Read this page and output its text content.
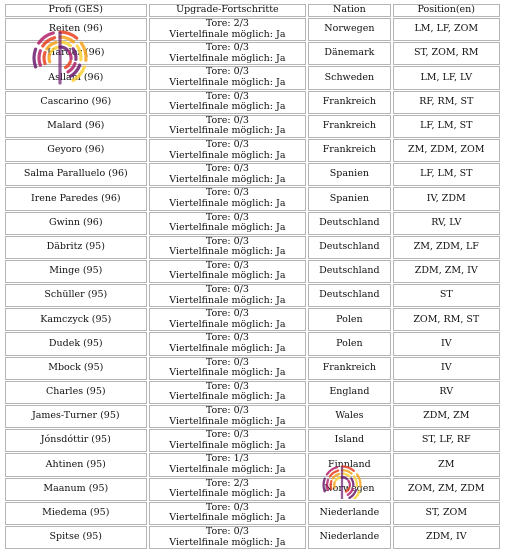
Profi (GES)	Upgrade-Fortschritte	Nation	Position(en)

Reiten (96)	Tore: 2/3
Viertelfinale möglich: Ja	Norwegen	LM, LF, ZOM

Harder (96)	Tore: 0/3
Viertelfinale möglich: Ja	Dänemark	ST, ZOM, RM

Asllani (96)	Tore: 0/3
Viertelfinale möglich: Ja	Schweden	LM, LF, LV

Cascarino (96)	Tore: 0/3
Viertelfinale möglich: Ja	Frankreich	RF, RM, ST

Malard (96)	Tore: 0/3
Viertelfinale möglich: Ja	Frankreich	LF, LM, ST

Geyoro (96)	Tore: 0/3
Viertelfinale möglich: Ja	Frankreich	ZM, ZDM, ZOM

Salma Paralluelo (96)	Tore: 0/3
Viertelfinale möglich: Ja	Spanien	LF, LM, ST

Irene Paredes (96)	Tore: 0/3
Viertelfinale möglich: Ja	Spanien	IV, ZDM

Gwinn (96)	Tore: 0/3
Viertelfinale möglich: Ja	Deutschland	RV, LV

Däbritz (95)	Tore: 0/3
Viertelfinale möglich: Ja	Deutschland	ZM, ZDM, LF

Minge (95)	Tore: 0/3
Viertelfinale möglich: Ja	Deutschland	ZDM, ZM, IV

Schüller (95)	Tore: 0/3
Viertelfinale möglich: Ja	Deutschland	ST

Kamczyck (95)	Tore: 0/3
Viertelfinale möglich: Ja	Polen	ZOM, RM, ST

Dudek (95)	Tore: 0/3
Viertelfinale möglich: Ja	Polen	IV

Mbock (95)	Tore: 0/3
Viertelfinale möglich: Ja	Frankreich	IV

Charles (95)	Tore: 0/3
Viertelfinale möglich: Ja	England	RV

James-Turner (95)	Tore: 0/3
Viertelfinale möglich: Ja	Wales	ZDM, ZM

Jónsdóttir (95)	Tore: 0/3
Viertelfinale möglich: Ja	Island	ST, LF, RF

Ahtinen (95)	Tore: 1/3
Viertelfinale möglich: Ja	Finnland	ZM

Maanum (95)	Tore: 2/3
Viertelfinale möglich: Ja	Norwegen	ZOM, ZM, ZDM

Miedema (95)	Tore: 0/3
Viertelfinale möglich: Ja	Niederlande	ST, ZOM

Spitse (95)	Tore: 0/3
Viertelfinale möglich: Ja	Niederlande	ZDM, IV
